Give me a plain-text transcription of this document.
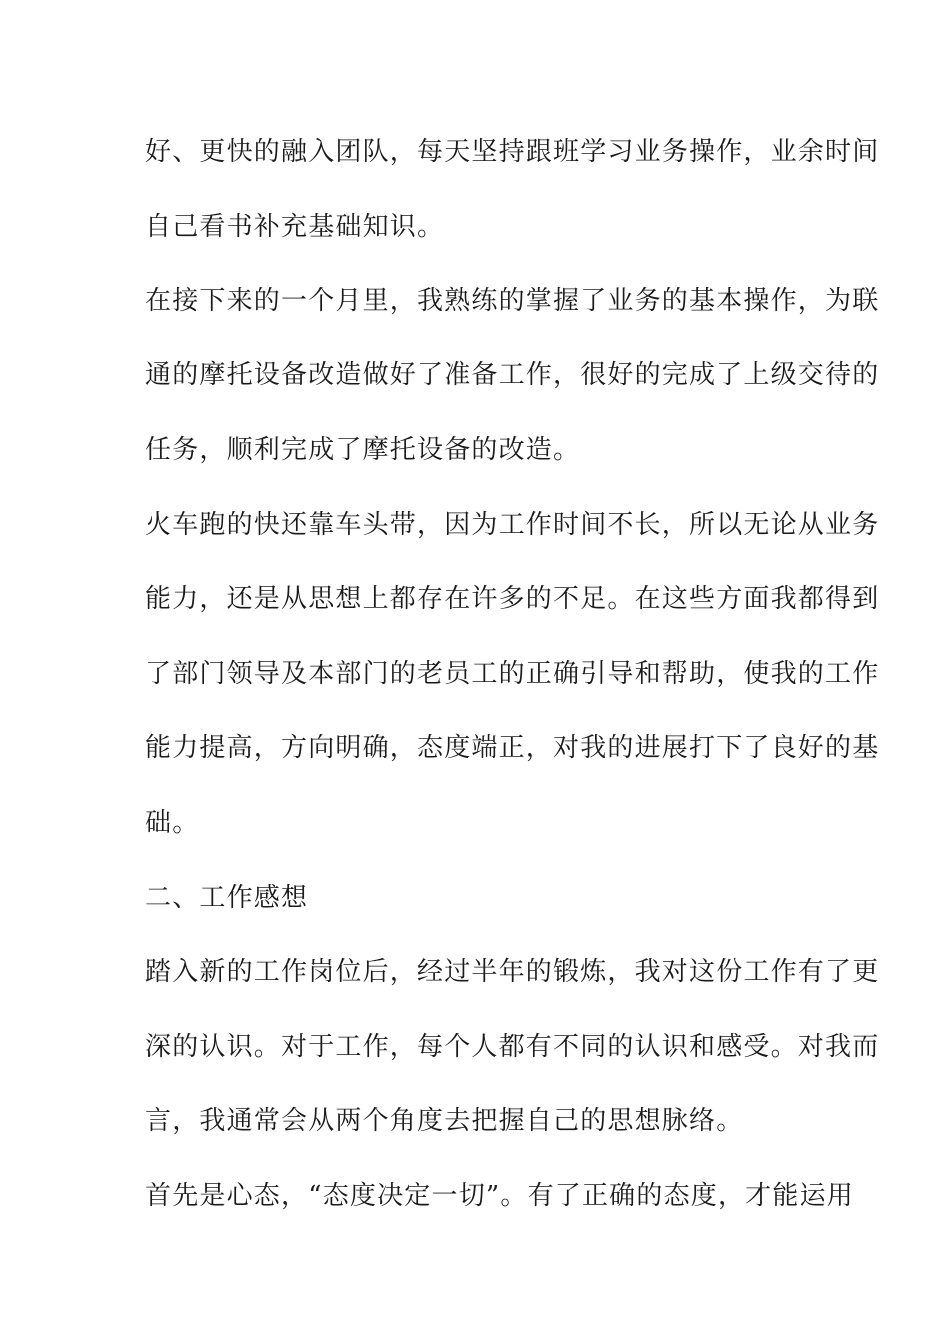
好、更快的融入团队，每天坚持跟班学习业务操作，业余时间
自己看书补充基础知识。
在接下来的一个月里，我熟练的掌握了业务的基本操作，为联
通的摩托设备改造做好了准备工作，很好的完成了上级交待的
任务，顺利完成了摩托设备的改造。
火车跑的快还靠车头带，因为工作时间不长，所以无论从业务
能力，还是从思想上都存在许多的不足。在这些方面我都得到
了部门领导及本部门的老员工的正确引导和帮助，使我的工作
能力提高，方向明确，态度端正，对我的进展打下了良好的基
础。
二、工作感想
踏入新的工作岗位后，经过半年的锻炼，我对这份工作有了更
深的认识。对于工作，每个人都有不同的认识和感受。对我而
言，我通常会从两个角度去把握自己的思想脉络。
首先是心态，“态度决定一切”。有了正确的态度，才能运用
